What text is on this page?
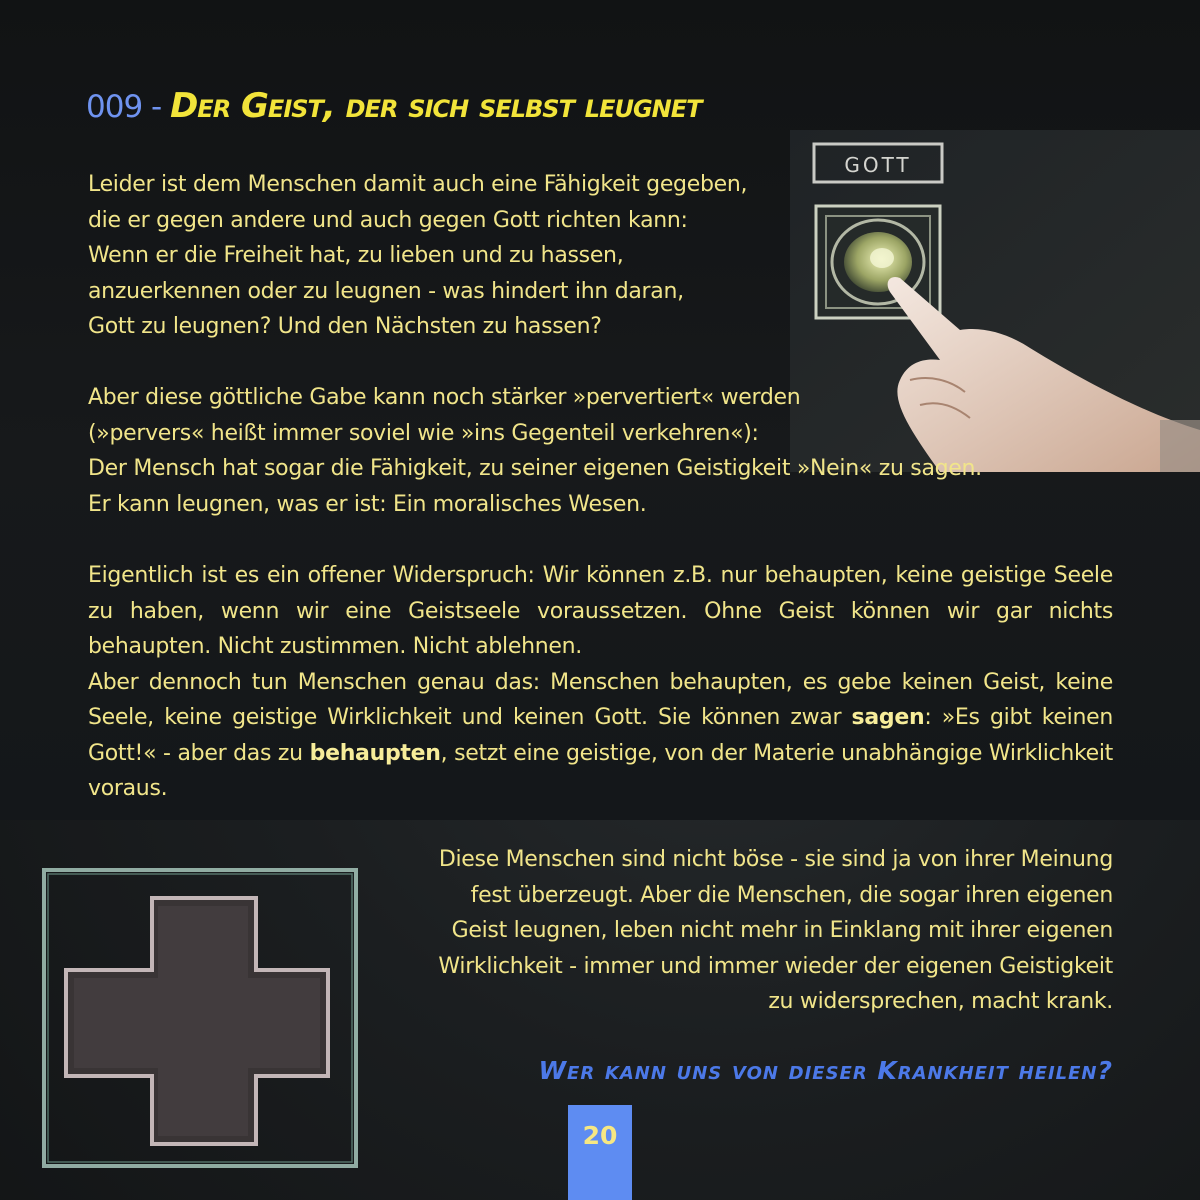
009 - Der Geist, der sich selbst leugnet
GOTT
Leider ist dem Menschen damit auch eine Fähigkeit gegeben,
die er gegen andere und auch gegen Gott richten kann:
Wenn er die Freiheit hat, zu lieben und zu hassen,
anzuerkennen oder zu leugnen - was hindert ihn daran,
Gott zu leugnen? Und den Nächsten zu hassen?
Aber diese göttliche Gabe kann noch stärker »pervertiert« werden
(»pervers« heißt immer soviel wie »ins Gegenteil verkehren«):
Der Mensch hat sogar die Fähigkeit, zu seiner eigenen Geistigkeit »Nein« zu sagen.
Er kann leugnen, was er ist: Ein moralisches Wesen.
Eigentlich ist es ein offener Widerspruch: Wir können z.B. nur behaupten, keine geistige Seele zu haben, wenn wir eine Geistseele voraussetzen. Ohne Geist können wir gar nichts behaupten. Nicht zustimmen. Nicht ablehnen.
Aber dennoch tun Menschen genau das: Menschen behaupten, es gebe keinen Geist, keine Seele, keine geistige Wirklichkeit und keinen Gott. Sie können zwar sagen: »Es gibt keinen Gott!« - aber das zu behaupten, setzt eine geistige, von der Materie unabhängige Wirklichkeit voraus.
Diese Menschen sind nicht böse - sie sind ja von ihrer Meinung
fest überzeugt. Aber die Menschen, die sogar ihren eigenen
Geist leugnen, leben nicht mehr in Einklang mit ihrer eigenen
Wirklichkeit - immer und immer wieder der eigenen Geistigkeit
zu widersprechen, macht krank.
Wer kann uns von dieser Krankheit heilen?
20
